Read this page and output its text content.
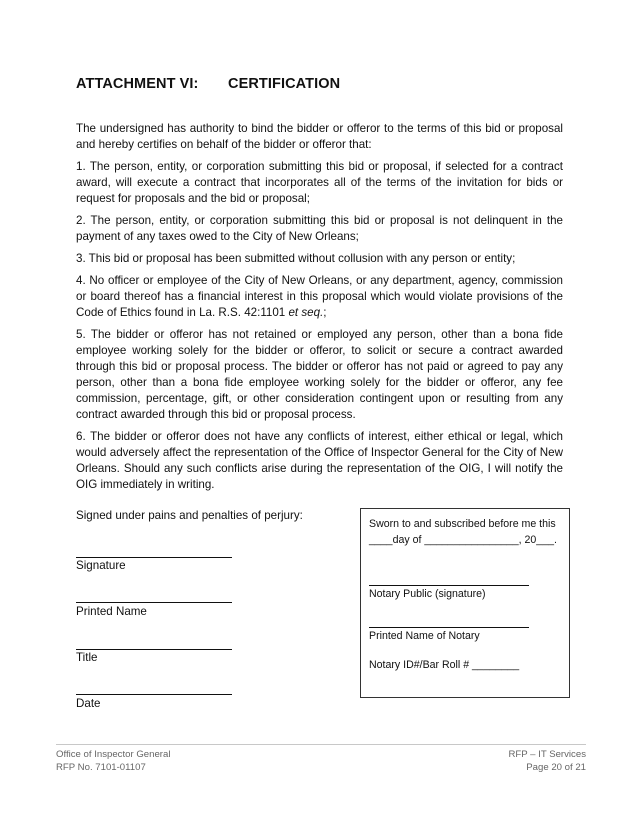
ATTACHMENT VI: CERTIFICATION

The undersigned has authority to bind the bidder or offeror to the terms of this bid or proposal and hereby certifies on behalf of the bidder or offeror that:

1. The person, entity, or corporation submitting this bid or proposal, if selected for a contract award, will execute a contract that incorporates all of the terms of the invitation for bids or request for proposals and the bid or proposal;

2. The person, entity, or corporation submitting this bid or proposal is not delinquent in the payment of any taxes owed to the City of New Orleans;

3. This bid or proposal has been submitted without collusion with any person or entity;

4. No officer or employee of the City of New Orleans, or any department, agency, commission or board thereof has a financial interest in this proposal which would violate provisions of the Code of Ethics found in La. R.S. 42:1101 et seq.;

5. The bidder or offeror has not retained or employed any person, other than a bona fide employee working solely for the bidder or offeror, to solicit or secure a contract awarded through this bid or proposal process. The bidder or offeror has not paid or agreed to pay any person, other than a bona fide employee working solely for the bidder or offeror, any fee commission, percentage, gift, or other consideration contingent upon or resulting from any contract awarded through this bid or proposal process.

6. The bidder or offeror does not have any conflicts of interest, either ethical or legal, which would adversely affect the representation of the Office of Inspector General for the City of New Orleans. Should any such conflicts arise during the representation of the OIG, I will notify the OIG immediately in writing.

Signed under pains and penalties of perjury:

Signature
Printed Name
Title
Date
Sworn to and subscribed before me this
____day of ________________, 20___.
Notary Public (signature)
Printed Name of Notary
Notary ID#/Bar Roll # ________
Office of Inspector General
RFP No. 7101-01107
RFP – IT Services
Page 20 of 21
